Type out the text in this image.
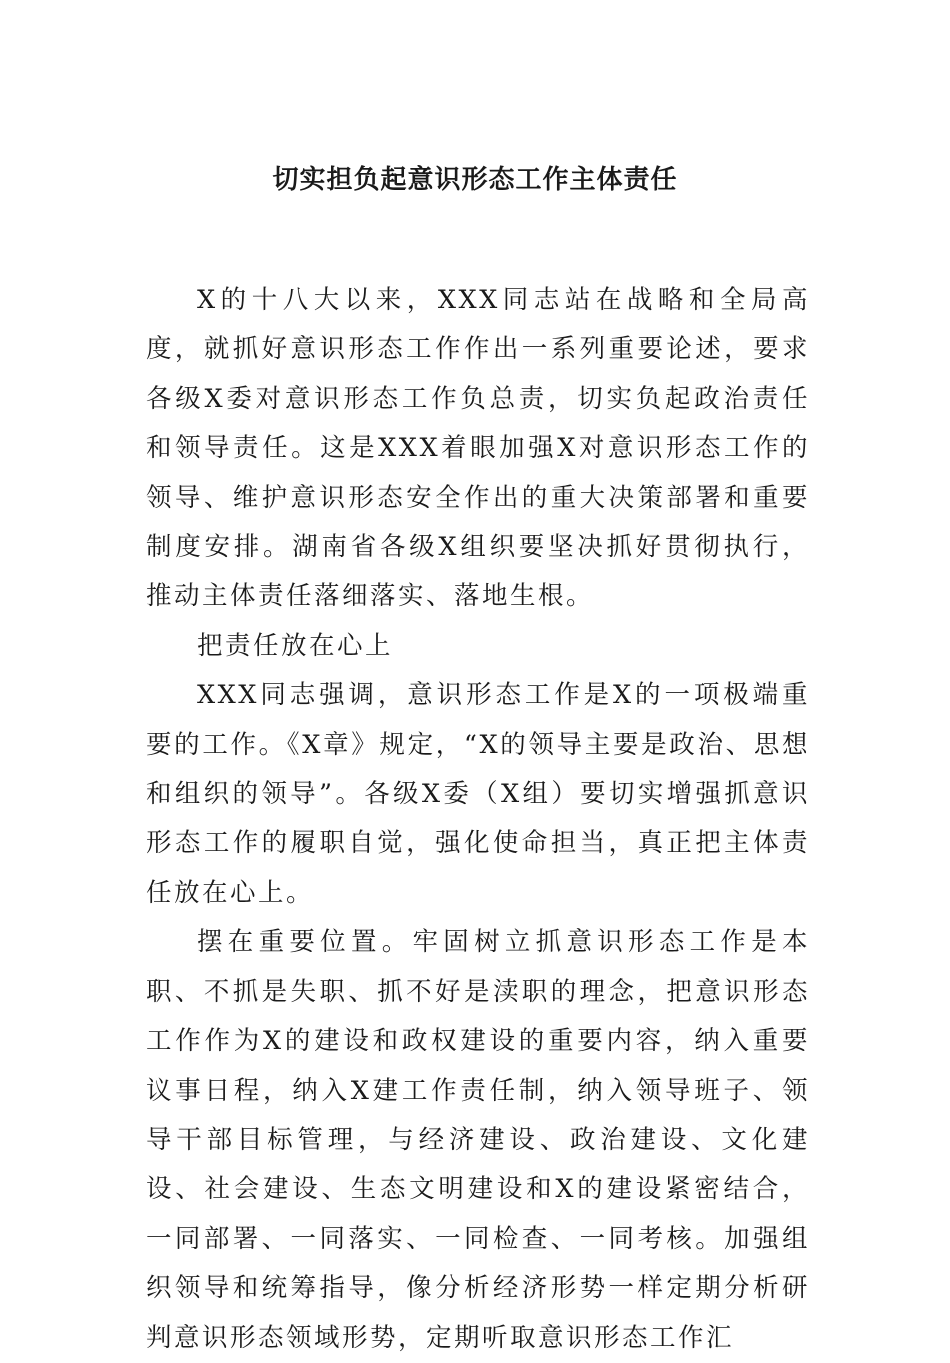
切实担负起意识形态工作主体责任

X的十八大以来，XXX同志站在战略和全局高度，就抓好意识形态工作作出一系列重要论述，要求各级X委对意识形态工作负总责，切实负起政治责任和领导责任。这是XXX着眼加强X对意识形态工作的领导、维护意识形态安全作出的重大决策部署和重要制度安排。湖南省各级X组织要坚决抓好贯彻执行，推动主体责任落细落实、落地生根。

把责任放在心上

XXX同志强调，意识形态工作是X的一项极端重要的工作。《X章》规定，“X的领导主要是政治、思想和组织的领导”。各级X委（X组）要切实增强抓意识形态工作的履职自觉，强化使命担当，真正把主体责任放在心上。

摆在重要位置。牢固树立抓意识形态工作是本职、不抓是失职、抓不好是渎职的理念，把意识形态工作作为X的建设和政权建设的重要内容，纳入重要议事日程，纳入X建工作责任制，纳入领导班子、领导干部目标管理，与经济建设、政治建设、文化建设、社会建设、生态文明建设和X的建设紧密结合，一同部署、一同落实、一同检查、一同考核。加强组织领导和统筹指导，像分析经济形势一样定期分析研判意识形态领域形势，定期听取意识形态工作汇
